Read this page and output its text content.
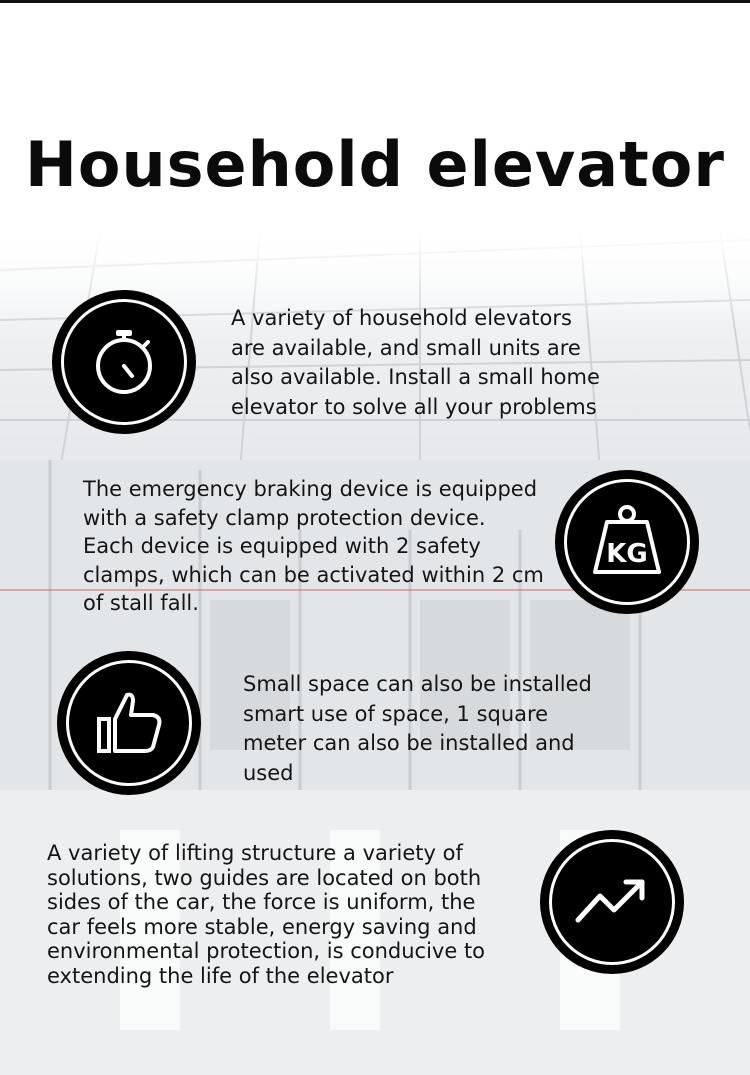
Household elevator
A variety of household elevators
are available, and small units are
also available. Install a small home
elevator to solve all your problems
The emergency braking device is equipped
with a safety clamp protection device.
Each device is equipped with 2 safety
clamps, which can be activated within 2 cm
of stall fall.
KG
Small space can also be installed
smart use of space, 1 square
meter can also be installed and
used
A variety of lifting structure a variety of
solutions, two guides are located on both
sides of the car, the force is uniform, the
car feels more stable, energy saving and
environmental protection, is conducive to
extending the life of the elevator
